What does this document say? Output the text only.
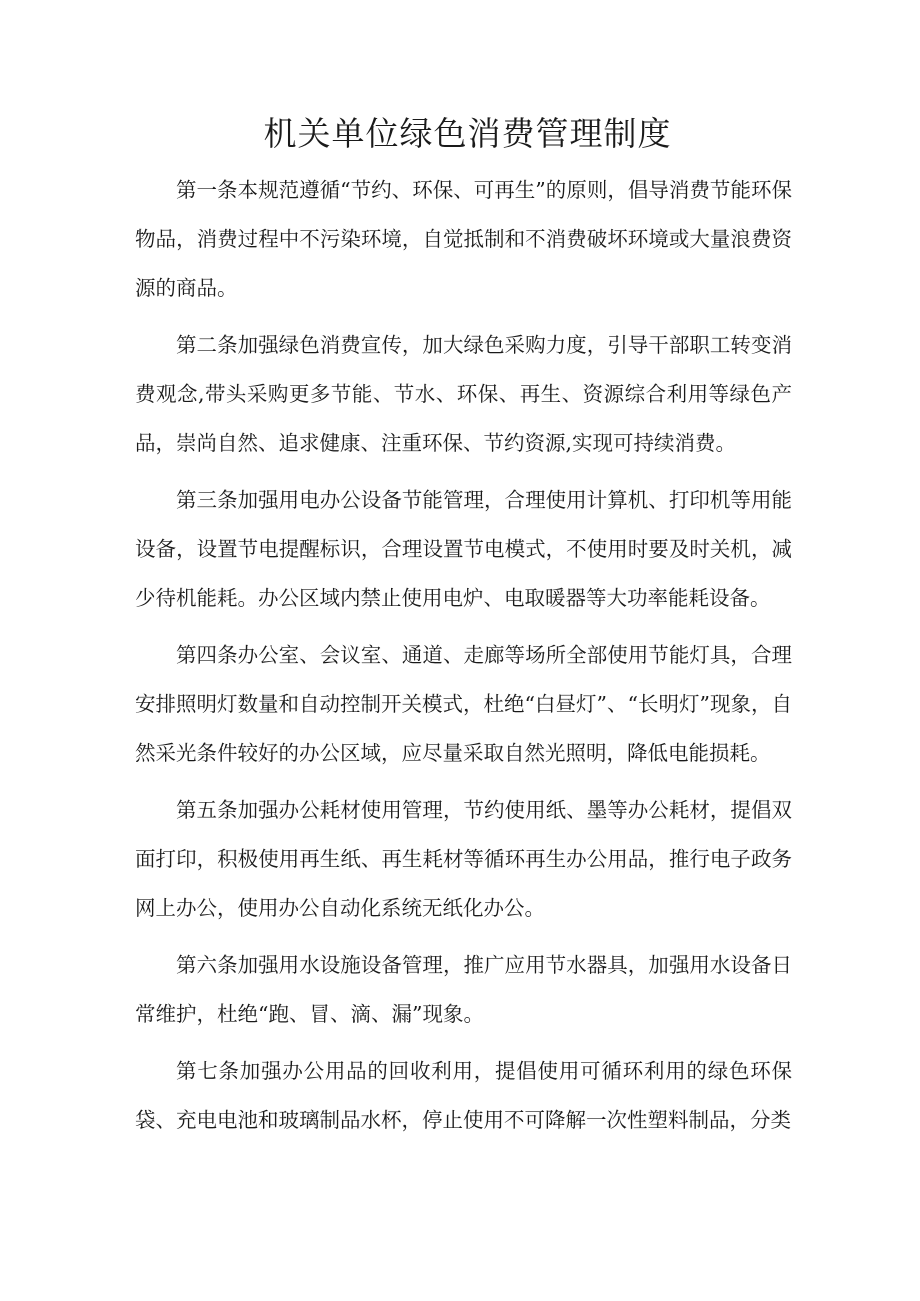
机关单位绿色消费管理制度

第一条本规范遵循“节约、环保、可再生”的原则，倡导消费节能环保物品，消费过程中不污染环境，自觉抵制和不消费破坏环境或大量浪费资源的商品。

第二条加强绿色消费宣传，加大绿色采购力度，引导干部职工转变消费观念,带头采购更多节能、节水、环保、再生、资源综合利用等绿色产品，崇尚自然、追求健康、注重环保、节约资源,实现可持续消费。

第三条加强用电办公设备节能管理，合理使用计算机、打印机等用能设备，设置节电提醒标识，合理设置节电模式，不使用时要及时关机，减少待机能耗。办公区域内禁止使用电炉、电取暖器等大功率能耗设备。

第四条办公室、会议室、通道、走廊等场所全部使用节能灯具，合理安排照明灯数量和自动控制开关模式，杜绝“白昼灯”、“长明灯”现象，自然采光条件较好的办公区域，应尽量采取自然光照明，降低电能损耗。

第五条加强办公耗材使用管理，节约使用纸、墨等办公耗材，提倡双面打印，积极使用再生纸、再生耗材等循环再生办公用品，推行电子政务网上办公，使用办公自动化系统无纸化办公。

第六条加强用水设施设备管理，推广应用节水器具，加强用水设备日常维护，杜绝“跑、冒、滴、漏”现象。

第七条加强办公用品的回收利用，提倡使用可循环利用的绿色环保袋、充电电池和玻璃制品水杯，停止使用不可降解一次性塑料制品，分类
